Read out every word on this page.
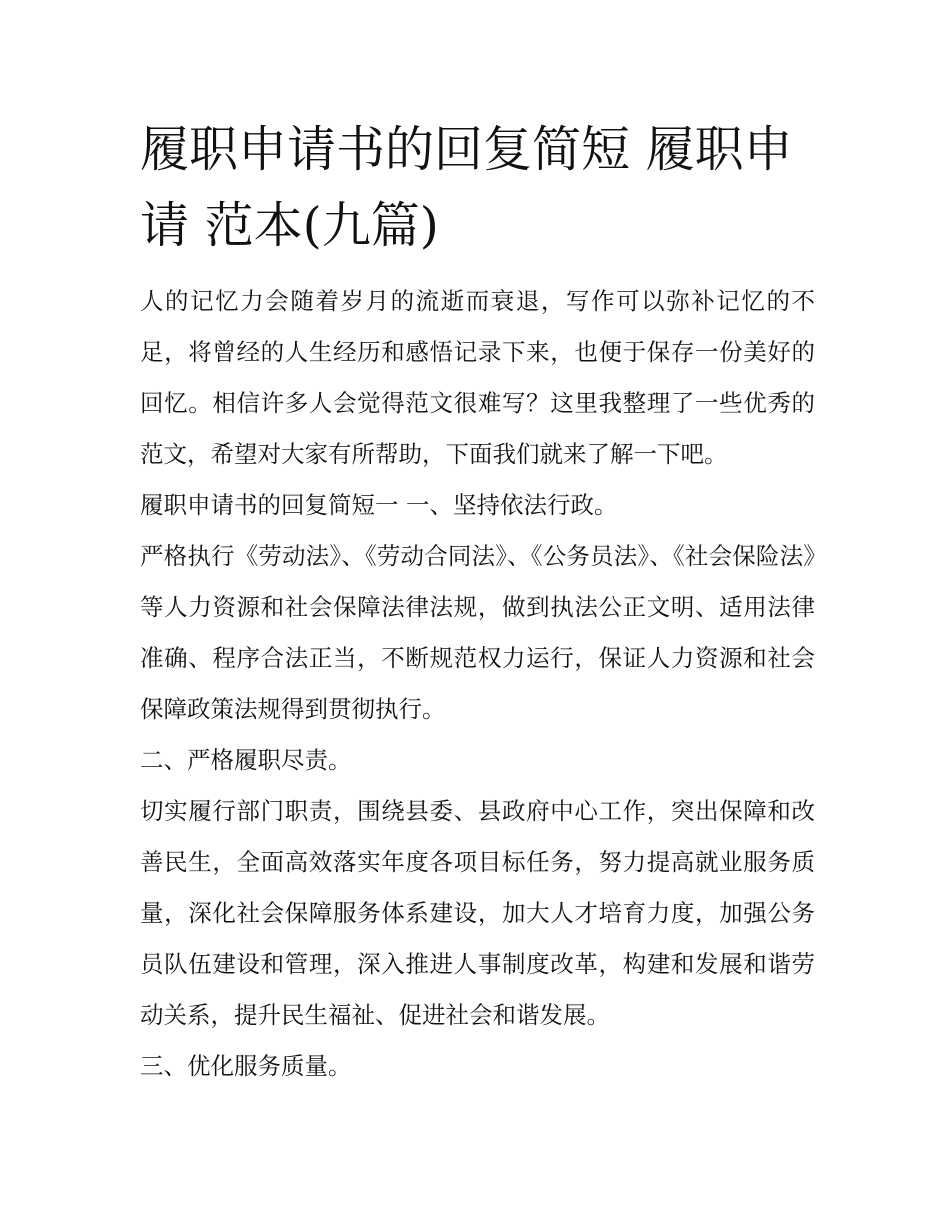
履职申请书的回复简短 履职申请 范本(九篇)

人的记忆力会随着岁月的流逝而衰退，写作可以弥补记忆的不足，将曾经的人生经历和感悟记录下来，也便于保存一份美好的回忆。相信许多人会觉得范文很难写？这里我整理了一些优秀的范文，希望对大家有所帮助，下面我们就来了解一下吧。

履职申请书的回复简短一 一、坚持依法行政。

严格执行《劳动法》、《劳动合同法》、《公务员法》、《社会保险法》等人力资源和社会保障法律法规，做到执法公正文明、适用法律准确、程序合法正当，不断规范权力运行，保证人力资源和社会保障政策法规得到贯彻执行。

二、严格履职尽责。

切实履行部门职责，围绕县委、县政府中心工作，突出保障和改善民生，全面高效落实年度各项目标任务，努力提高就业服务质量，深化社会保障服务体系建设，加大人才培育力度，加强公务员队伍建设和管理，深入推进人事制度改革，构建和发展和谐劳动关系，提升民生福祉、促进社会和谐发展。

三、优化服务质量。
